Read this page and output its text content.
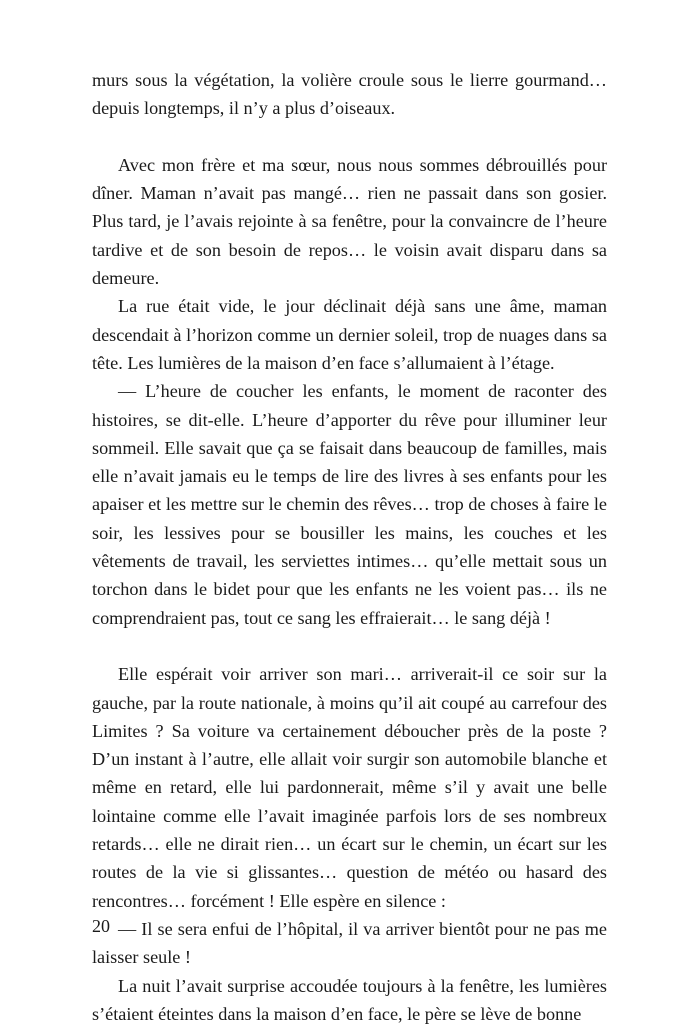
murs sous la végétation, la volière croule sous le lierre gourmand… depuis longtemps, il n’y a plus d’oiseaux.

Avec mon frère et ma sœur, nous nous sommes débrouillés pour dîner. Maman n’avait pas mangé… rien ne passait dans son gosier. Plus tard, je l’avais rejointe à sa fenêtre, pour la convaincre de l’heure tardive et de son besoin de repos… le voisin avait disparu dans sa demeure.

La rue était vide, le jour déclinait déjà sans une âme, maman descendait à l’horizon comme un dernier soleil, trop de nuages dans sa tête. Les lumières de la maison d’en face s’allumaient à l’étage.

— L’heure de coucher les enfants, le moment de raconter des histoires, se dit-elle. L’heure d’apporter du rêve pour illuminer leur sommeil. Elle savait que ça se faisait dans beaucoup de familles, mais elle n’avait jamais eu le temps de lire des livres à ses enfants pour les apaiser et les mettre sur le chemin des rêves… trop de choses à faire le soir, les lessives pour se bousiller les mains, les couches et les vêtements de travail, les serviettes intimes… qu’elle mettait sous un torchon dans le bidet pour que les enfants ne les voient pas… ils ne comprendraient pas, tout ce sang les effraierait… le sang déjà !

Elle espérait voir arriver son mari… arriverait-il ce soir sur la gauche, par la route nationale, à moins qu’il ait coupé au carrefour des Limites ? Sa voiture va certainement déboucher près de la poste ? D’un instant à l’autre, elle allait voir surgir son automobile blanche et même en retard, elle lui pardonnerait, même s’il y avait une belle lointaine comme elle l’avait imaginée parfois lors de ses nombreux retards… elle ne dirait rien… un écart sur le chemin, un écart sur les routes de la vie si glissantes… question de météo ou hasard des rencontres… forcément ! Elle espère en silence :

— Il se sera enfui de l’hôpital, il va arriver bientôt pour ne pas me laisser seule !

La nuit l’avait surprise accoudée toujours à la fenêtre, les lumières s’étaient éteintes dans la maison d’en face, le père se lève de bonne

20
